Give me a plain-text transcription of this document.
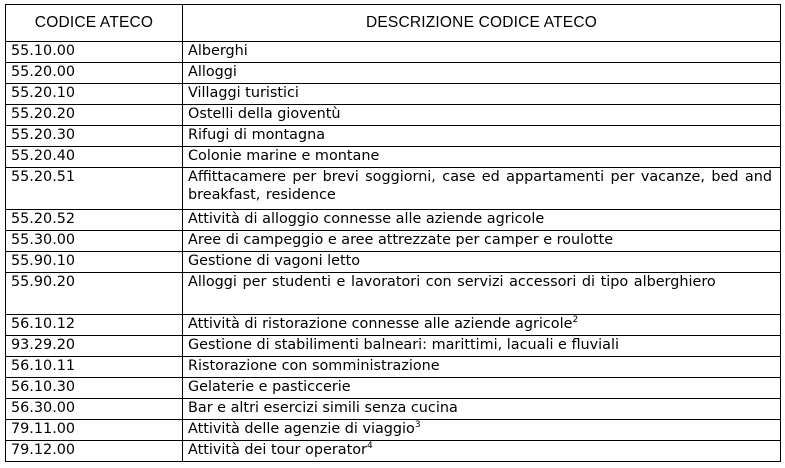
CODICE ATECO	DESCRIZIONE CODICE ATECO
55.10.00	Alberghi
55.20.00	Alloggi
55.20.10	Villaggi turistici
55.20.20	Ostelli della gioventù
55.20.30	Rifugi di montagna
55.20.40	Colonie marine e montane
55.20.51	Affittacamere per brevi soggiorni, case ed appartamenti per vacanze, bed and breakfast, residence
55.20.52	Attività di alloggio connesse alle aziende agricole
55.30.00	Aree di campeggio e aree attrezzate per camper e roulotte
55.90.10	Gestione di vagoni letto
55.90.20	Alloggi per studenti e lavoratori con servizi accessori di tipo alberghiero
56.10.12	Attività di ristorazione connesse alle aziende agricole$^2$
93.29.20	Gestione di stabilimenti balneari: marittimi, lacuali e fluviali
56.10.11	Ristorazione con somministrazione
56.10.30	Gelaterie e pasticcerie
56.30.00	Bar e altri esercizi simili senza cucina
79.11.00	Attività delle agenzie di viaggio$^3$
79.12.00	Attività dei tour operator$^4$
